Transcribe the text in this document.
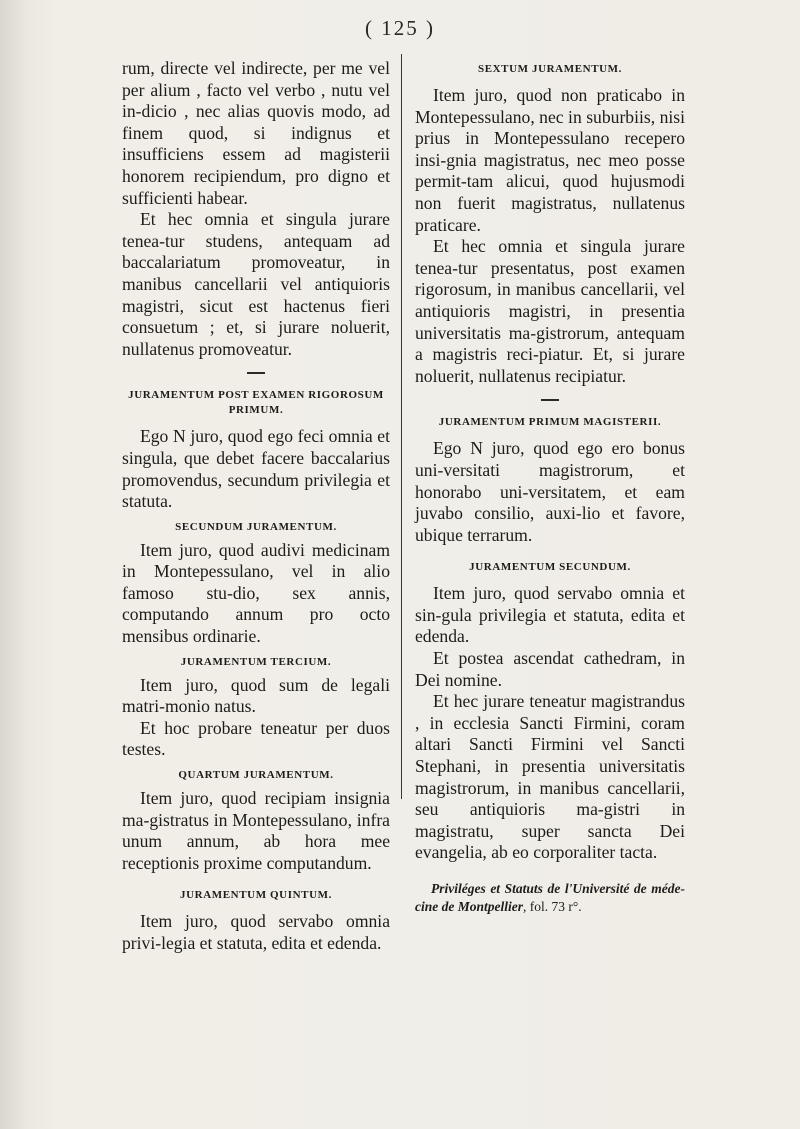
( 125 )

rum, directe vel indirecte, per me vel per alium , facto vel verbo , nutu vel in-dicio , nec alias quovis modo, ad finem quod, si indignus et insufficiens essem ad magisterii honorem recipiendum, pro digno et sufficienti habear.

Et hec omnia et singula jurare tenea-tur studens, antequam ad baccalariatum promoveatur, in manibus cancellarii vel antiquioris magistri, sicut est hactenus fieri consuetum ; et, si jurare noluerit, nullatenus promoveatur.

JURAMENTUM POST EXAMEN RIGOROSUM PRIMUM.

Ego N juro, quod ego feci omnia et singula, que debet facere baccalarius promovendus, secundum privilegia et statuta.

SECUNDUM JURAMENTUM.

Item juro, quod audivi medicinam in Montepessulano, vel in alio famoso stu-dio, sex annis, computando annum pro octo mensibus ordinarie.

JURAMENTUM TERCIUM.

Item juro, quod sum de legali matri-monio natus.

Et hoc probare teneatur per duos testes.

QUARTUM JURAMENTUM.

Item juro, quod recipiam insignia ma-gistratus in Montepessulano, infra unum annum, ab hora mee receptionis proxime computandum.

JURAMENTUM QUINTUM.

Item juro, quod servabo omnia privi-legia et statuta, edita et edenda.

SEXTUM JURAMENTUM.

Item juro, quod non praticabo in Montepessulano, nec in suburbiis, nisi prius in Montepessulano recepero insi-gnia magistratus, nec meo posse permit-tam alicui, quod hujusmodi non fuerit magistratus, nullatenus praticare.

Et hec omnia et singula jurare tenea-tur presentatus, post examen rigorosum, in manibus cancellarii, vel antiquioris magistri, in presentia universitatis ma-gistrorum, antequam a magistris reci-piatur. Et, si jurare noluerit, nullatenus recipiatur.

JURAMENTUM PRIMUM MAGISTERII.

Ego N juro, quod ego ero bonus uni-versitati magistrorum, et honorabo uni-versitatem, et eam juvabo consilio, auxi-lio et favore, ubique terrarum.

JURAMENTUM SECUNDUM.

Item juro, quod servabo omnia et sin-gula privilegia et statuta, edita et edenda.

Et postea ascendat cathedram, in Dei nomine.

Et hec jurare teneatur magistrandus , in ecclesia Sancti Firmini, coram altari Sancti Firmini vel Sancti Stephani, in presentia universitatis magistrorum, in manibus cancellarii, seu antiquioris ma-gistri in magistratu, super sancta Dei evangelia, ab eo corporaliter tacta.

Priviléges et Statuts de l'Université de méde-cine de Montpellier, fol. 73 r°.
